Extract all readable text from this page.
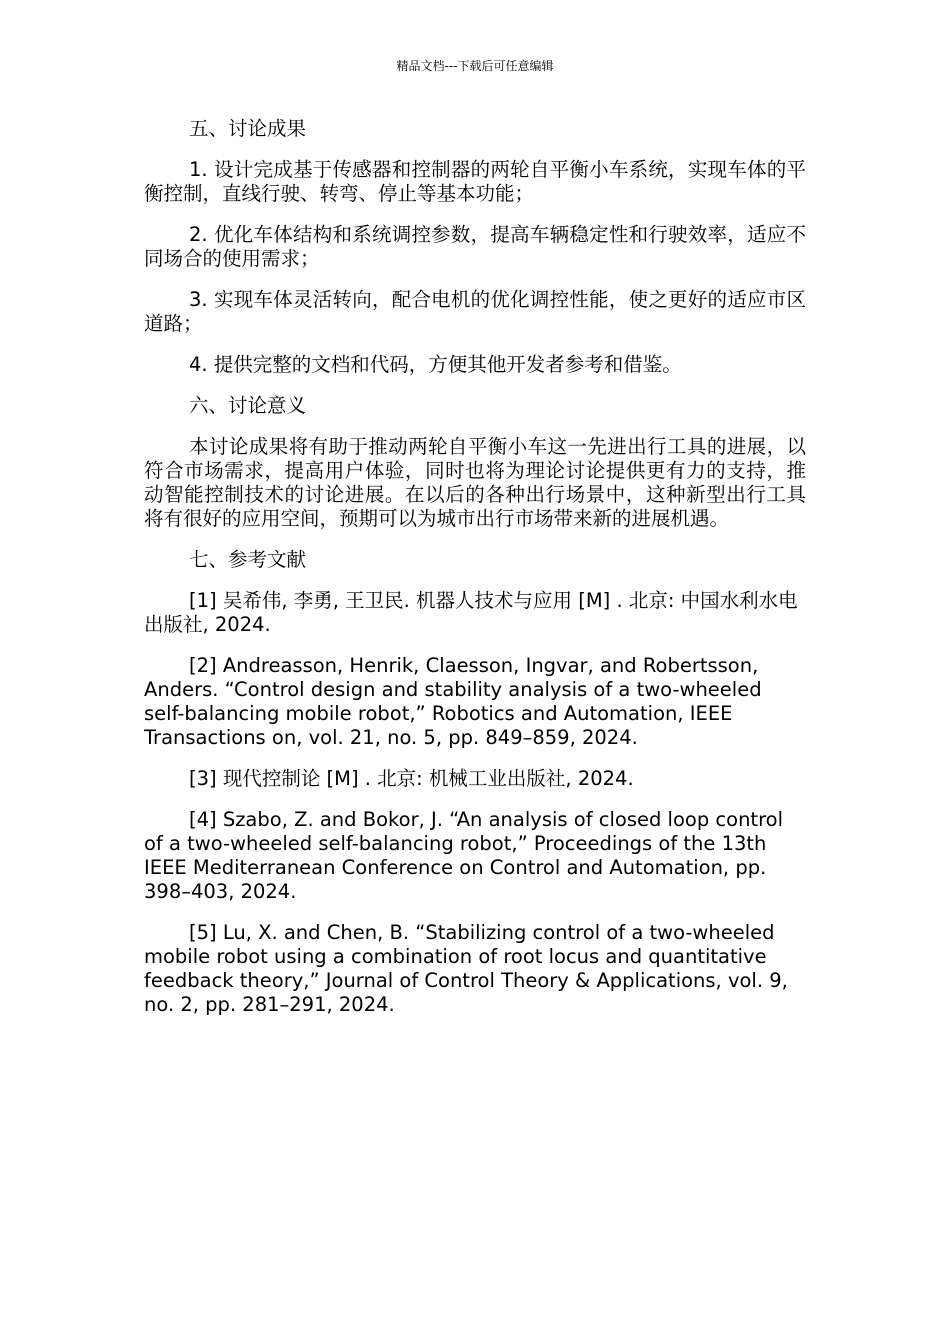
精品文档---下载后可任意编辑

五、讨论成果

1. 设计完成基于传感器和控制器的两轮自平衡小车系统，实现车体的平衡控制，直线行驶、转弯、停止等基本功能；

2. 优化车体结构和系统调控参数，提高车辆稳定性和行驶效率，适应不同场合的使用需求；

3. 实现车体灵活转向，配合电机的优化调控性能，使之更好的适应市区道路；

4. 提供完整的文档和代码，方便其他开发者参考和借鉴。

六、讨论意义

本讨论成果将有助于推动两轮自平衡小车这一先进出行工具的进展，以符合市场需求，提高用户体验，同时也将为理论讨论提供更有力的支持，推动智能控制技术的讨论进展。在以后的各种出行场景中，这种新型出行工具将有很好的应用空间，预期可以为城市出行市场带来新的进展机遇。

七、参考文献

[1] 吴希伟, 李勇, 王卫民. 机器人技术与应用 [M] . 北京: 中国水利水电出版社, 2024.

[2] Andreasson, Henrik, Claesson, Ingvar, and Robertsson, Anders. “Control design and stability analysis of a two-wheeled self-balancing mobile robot,” Robotics and Automation, IEEE Transactions on, vol. 21, no. 5, pp. 849–859, 2024.

[3] 现代控制论 [M] . 北京: 机械工业出版社, 2024.

[4] Szabo, Z. and Bokor, J. “An analysis of closed loop control of a two-wheeled self-balancing robot,” Proceedings of the 13th IEEE Mediterranean Conference on Control and Automation, pp. 398–403, 2024.

[5] Lu, X. and Chen, B. “Stabilizing control of a two-wheeled mobile robot using a combination of root locus and quantitative feedback theory,” Journal of Control Theory & Applications, vol. 9, no. 2, pp. 281–291, 2024.
